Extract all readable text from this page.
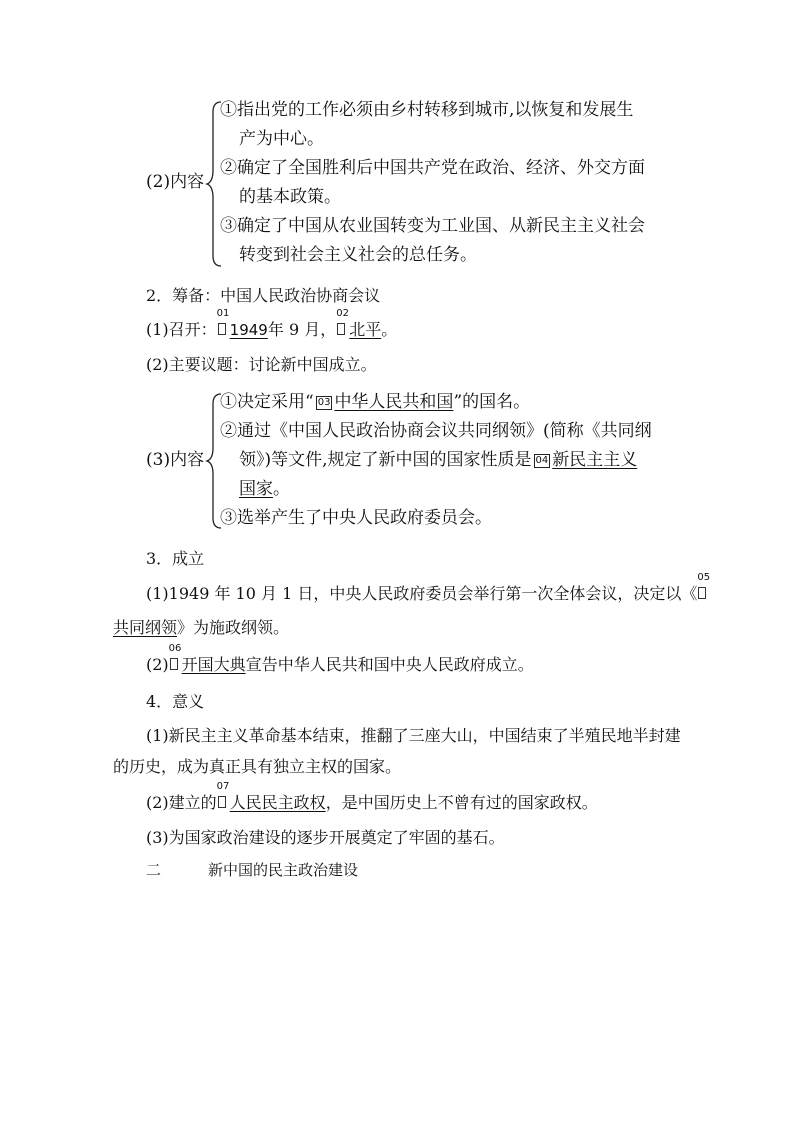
(2)内容
①指出党的工作必须由乡村转移到城市,以恢复和发展生
产为中心。
②确定了全国胜利后中国共产党在政治、经济、外交方面
的基本政策。
③确定了中国从农业国转变为工业国、从新民主主义社会
转变到社会主义社会的总任务。
2．筹备：中国人民政治协商会议
(1)召开：
01
1949年 9 月，
02
北平。
(2)主要议题：讨论新中国成立。
(3)内容
①决定采用“ 03 中华人民共和国”的国名。
②通过《中国人民政治协商会议共同纲领》(简称《共同纲
领》)等文件,规定了新中国的国家性质是 04 新民主主义
国家。
③选举产生了中央人民政府委员会。
3．成立
(1)1949 年 10 月 1 日，中央人民政府委员会举行第一次全体会议，决定以《
05
共同纲领》为施政纲领。
(2)
06
开国大典宣告中华人民共和国中央人民政府成立。
4．意义
(1)新民主主义革命基本结束，推翻了三座大山，中国结束了半殖民地半封建
的历史，成为真正具有独立主权的国家。
(2)建立的
07
人民民主政权，是中国历史上不曾有过的国家政权。
(3)为国家政治建设的逐步开展奠定了牢固的基石。
二	新中国的民主政治建设
